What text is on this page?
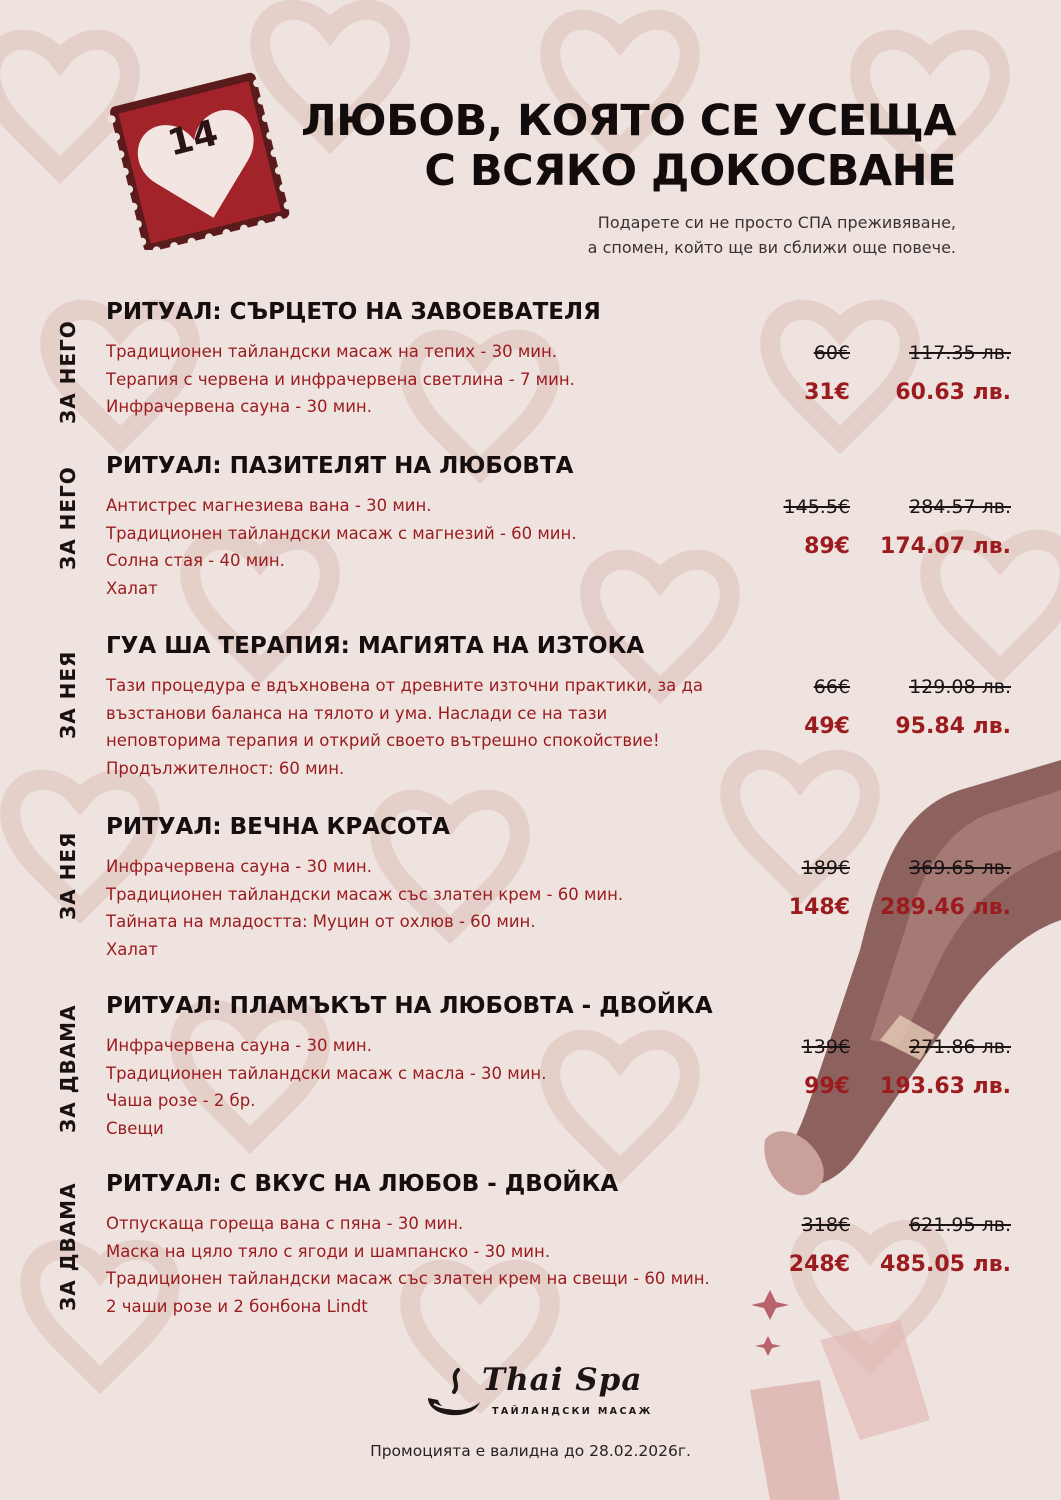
14	ЛЮБОВ, КОЯТО СЕ УСЕЩА
С ВСЯКО ДОКОСВАНЕ
Подарете си не просто СПА преживяване,
а спомен, който ще ви сближи още повече.
ЗА НЕГО
РИТУАЛ: СЪРЦЕТО НА ЗАВОЕВАТЕЛЯ
Традиционен тайландски масаж на тепих - 30 мин.
Терапия с червена и инфрачервена светлина - 7 мин.
Инфрачервена сауна - 30 мин.
60€	117.35 лв.
31€ 60.63 лв.
ЗА НЕГО
РИТУАЛ: ПАЗИТЕЛЯТ НА ЛЮБОВТА
Антистрес магнезиева вана - 30 мин.
Традиционен тайландски масаж с магнезий - 60 мин.
Солна стая - 40 мин.
Халат
145.5€	284.57 лв.
89€ 174.07 лв.
ЗА НЕЯ
ГУА ША ТЕРАПИЯ: МАГИЯТА НА ИЗТОКА
Тази процедура е вдъхновена от древните източни практики, за да
възстанови баланса на тялото и ума. Наслади се на тази
неповторима терапия и открий своето вътрешно спокойствие!
Продължителност: 60 мин.
66€	129.08 лв.
49€ 95.84 лв.
ЗА НЕЯ
РИТУАЛ: ВЕЧНА КРАСОТА
Инфрачервена сауна - 30 мин.
Традиционен тайландски масаж със златен крем - 60 мин.
Тайната на младостта: Муцин от охлюв - 60 мин.
Халат
189€	369.65 лв.
148€ 289.46 лв.
ЗА ДВАМА РИТУАЛ: ПЛАМЪКЪТ НА ЛЮБОВТА - ДВОЙКА
Инфрачервена сауна - 30 мин.
Традиционен тайландски масаж с масла - 30 мин.
Чаша розе - 2 бр.
Свещи
139€	271.86 лв.
99€ 193.63 лв.
ЗА ДВАМА РИТУАЛ: С ВКУС НА ЛЮБОВ - ДВОЙКА
Отпускаща гореща вана с пяна - 30 мин.
Маска на цяло тяло с ягоди и шампанско - 30 мин.
Традиционен тайландски масаж със златен крем на свещи - 60 мин.
2 чаши розе и 2 бонбона Lindt
318€	621.95 лв.
248€ 485.05 лв.
Thai Spa
ТАЙЛАНДСКИ МАСАЖ
Промоцията е валидна до 28.02.2026г.
